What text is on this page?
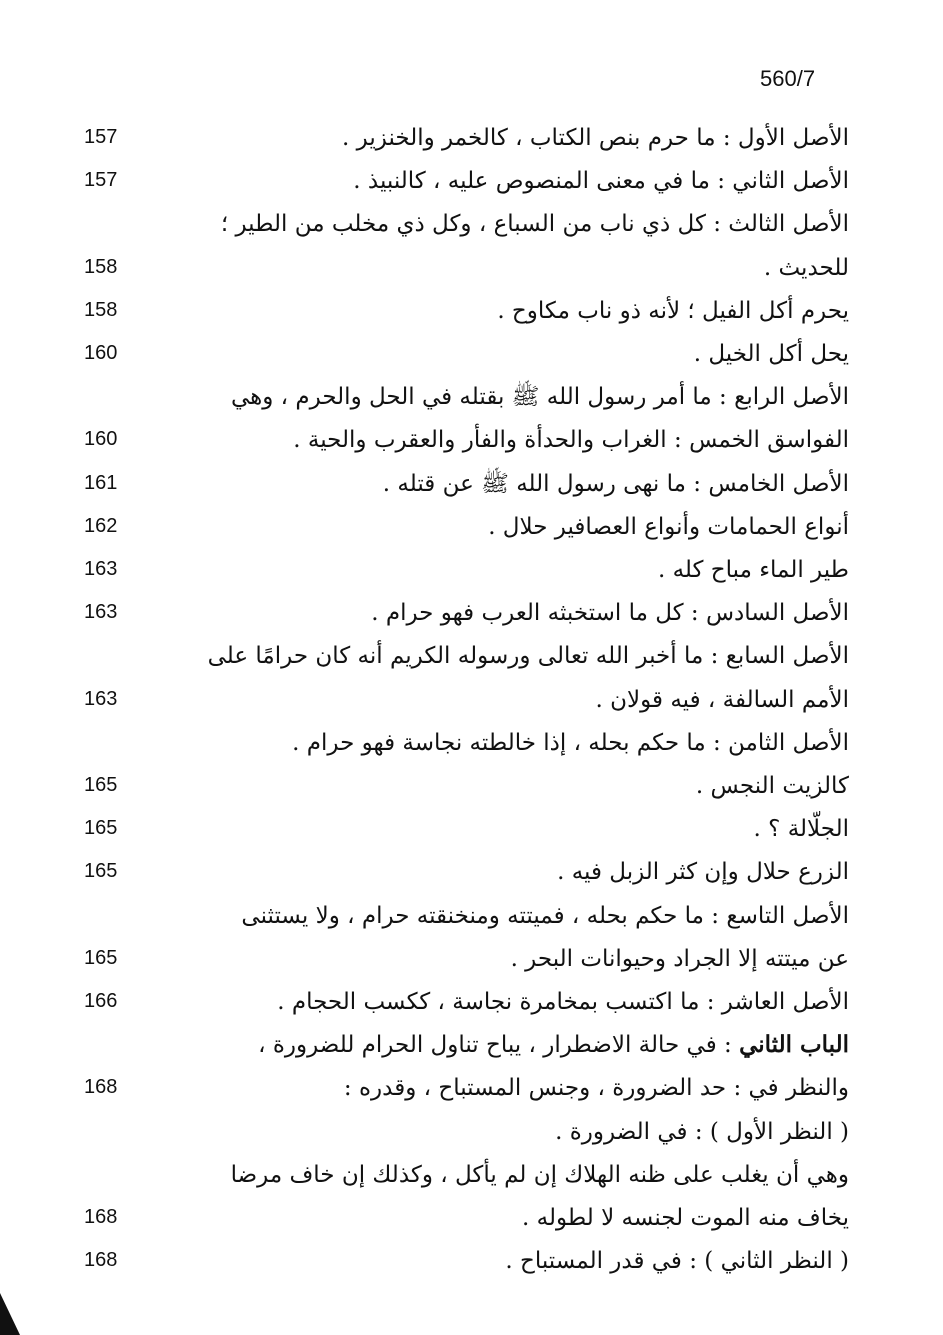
560/7
الأصل الأول : ما حرم بنص الكتاب ، كالخمر والخنزير .
157
الأصل الثاني : ما في معنى المنصوص عليه ، كالنبيذ .
157
الأصل الثالث : كل ذي ناب من السباع ، وكل ذي مخلب من الطير ؛
للحديث .
158
يحرم أكل الفيل ؛ لأنه ذو ناب مكاوح .
158
يحل أكل الخيل .
160
الأصل الرابع : ما أمر رسول الله ﷺ بقتله في الحل والحرم ، وهي
الفواسق الخمس : الغراب والحدأة والفأر والعقرب والحية .
160
الأصل الخامس : ما نهى رسول الله ﷺ عن قتله .
161
أنواع الحمامات وأنواع العصافير حلال .
162
طير الماء مباح كله .
163
الأصل السادس : كل ما استخبثه العرب فهو حرام .
163
الأصل السابع : ما أخبر الله تعالى ورسوله الكريم أنه كان حرامًا على
الأمم السالفة ، فيه قولان .
163
الأصل الثامن : ما حكم بحله ، إذا خالطته نجاسة فهو حرام .
كالزيت النجس .
165
الجلّالة ؟ .
165
الزرع حلال وإن كثر الزبل فيه .
165
الأصل التاسع : ما حكم بحله ، فميتته ومنخنقته حرام ، ولا يستثنى
عن ميتته إلا الجراد وحيوانات البحر .
165
الأصل العاشر : ما اكتسب بمخامرة نجاسة ، ككسب الحجام .
166
الباب الثاني : في حالة الاضطرار ، يباح تناول الحرام للضرورة ،
والنظر في : حد الضرورة ، وجنس المستباح ، وقدره :
168
( النظر الأول ) : في الضرورة .
وهي أن يغلب على ظنه الهلاك إن لم يأكل ، وكذلك إن خاف مرضا
يخاف منه الموت لجنسه لا لطوله .
168
( النظر الثاني ) : في قدر المستباح .
168
